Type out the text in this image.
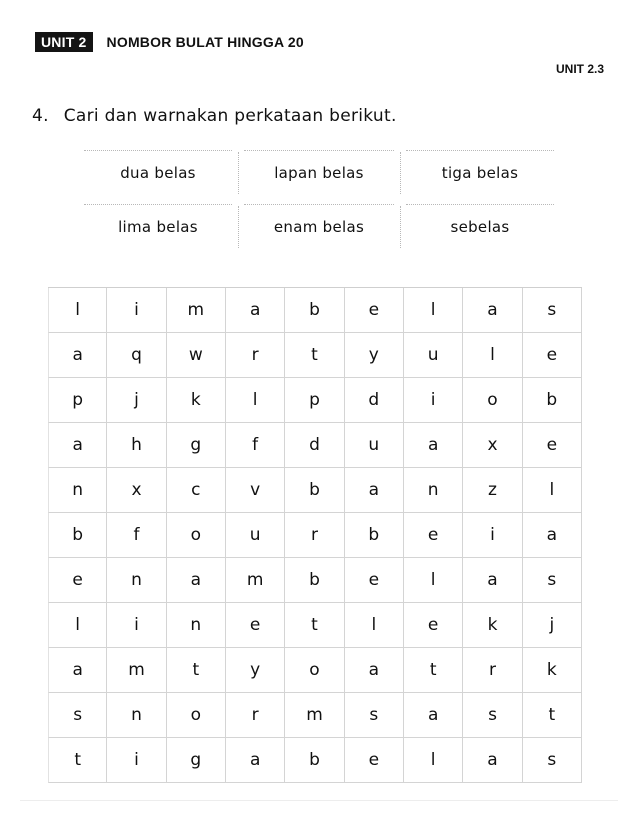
UNIT 2	NOMBOR BULAT HINGGA 20
UNIT 2.3
4. Cari dan warnakan perkataan berikut.
dua belas	lapan belas	tiga belas
lima belas	enam belas	sebelas
l	i	m	a	b	e	l	a	s
a	q	w	r	t	y	u	l	e
p	j	k	l	p	d	i	o	b
a	h	g	f	d	u	a	x	e
n	x	c	v	b	a	n	z	l
b	f	o	u	r	b	e	i	a
e	n	a	m	b	e	l	a	s
l	i	n	e	t	l	e	k	j
a	m	t	y	o	a	t	r	k
s	n	o	r	m	s	a	s	t
t	i	g	a	b	e	l	a	s
